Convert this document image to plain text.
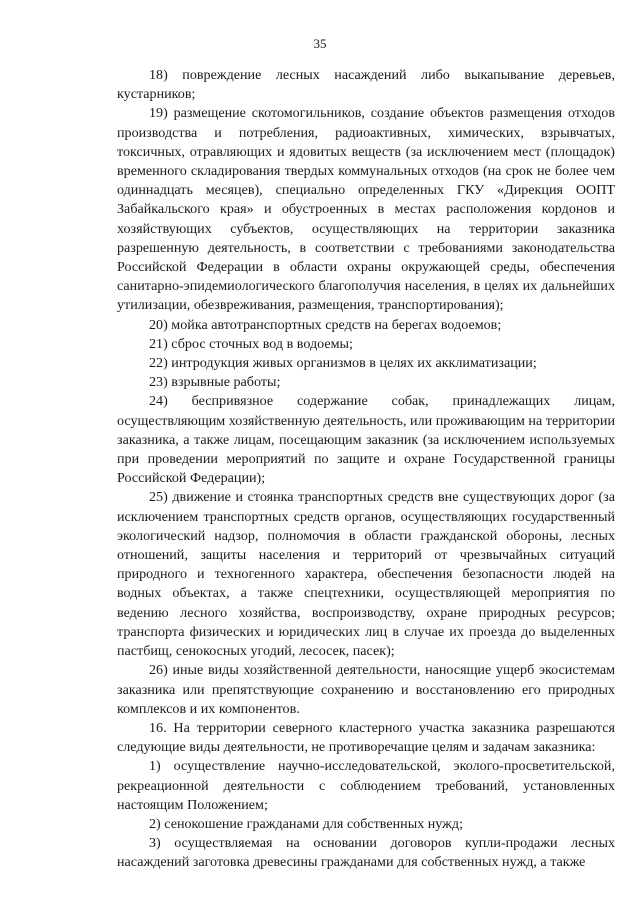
35

18) повреждение лесных насаждений либо выкапывание деревьев, кустарников;

19) размещение скотомогильников, создание объектов размещения отходов производства и потребления, радиоактивных, химических, взрывчатых, токсичных, отравляющих и ядовитых веществ (за исключением мест (площадок) временного складирования твердых коммунальных отходов (на срок не более чем одиннадцать месяцев), специально определенных ГКУ «Дирекция ООПТ Забайкальского края» и обустроенных в местах расположения кордонов и хозяйствующих субъектов, осуществляющих на территории заказника разрешенную деятельность, в соответствии с требованиями законодательства Российской Федерации в области охраны окружающей среды, обеспечения санитарно-эпидемиологического благополучия населения, в целях их дальнейших утилизации, обезвреживания, размещения, транспортирования);

20) мойка автотранспортных средств на берегах водоемов;

21) сброс сточных вод в водоемы;

22) интродукция живых организмов в целях их акклиматизации;

23) взрывные работы;

24) беспривязное содержание собак, принадлежащих лицам, осуществляющим хозяйственную деятельность, или проживающим на территории заказника, а также лицам, посещающим заказник (за исключением используемых при проведении мероприятий по защите и охране Государственной границы Российской Федерации);

25) движение и стоянка транспортных средств вне существующих дорог (за исключением транспортных средств органов, осуществляющих государственный экологический надзор, полномочия в области гражданской обороны, лесных отношений, защиты населения и территорий от чрезвычайных ситуаций природного и техногенного характера, обеспечения безопасности людей на водных объектах, а также спецтехники, осуществляющей мероприятия по ведению лесного хозяйства, воспроизводству, охране природных ресурсов; транспорта физических и юридических лиц в случае их проезда до выделенных пастбищ, сенокосных угодий, лесосек, пасек);

26) иные виды хозяйственной деятельности, наносящие ущерб экосистемам заказника или препятствующие сохранению и восстановлению его природных комплексов и их компонентов.

16. На территории северного кластерного участка заказника разрешаются следующие виды деятельности, не противоречащие целям и задачам заказника:

1) осуществление научно-исследовательской, эколого-просветительской, рекреационной деятельности с соблюдением требований, установленных настоящим Положением;

2) сенокошение гражданами для собственных нужд;

3) осуществляемая на основании договоров купли-продажи лесных насаждений заготовка древесины гражданами для собственных нужд, а также
